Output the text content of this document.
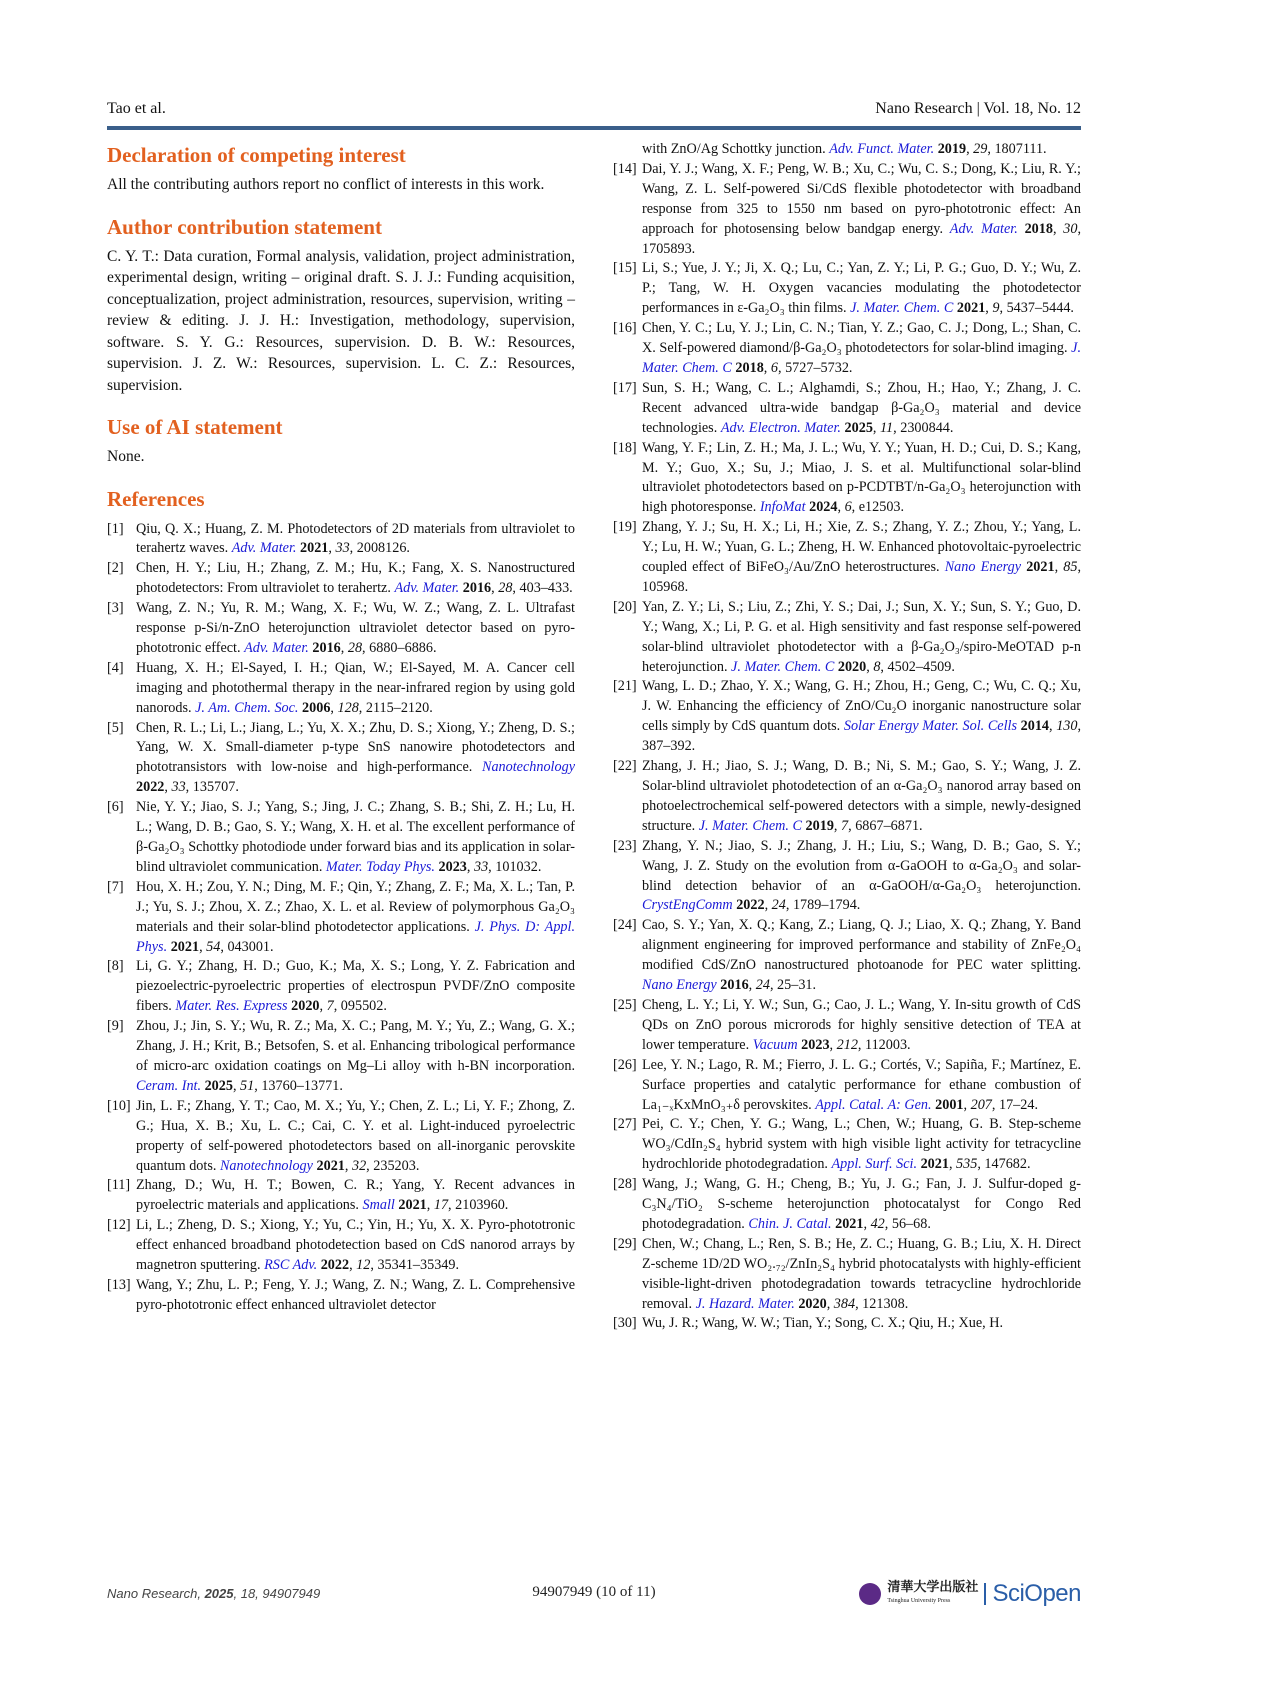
Tao et al.	Nano Research | Vol. 18, No. 12
Declaration of competing interest

All the contributing authors report no conflict of interests in this work.

Author contribution statement

C. Y. T.: Data curation, Formal analysis, validation, project administration, experimental design, writing – original draft. S. J. J.: Funding acquisition, conceptualization, project administration, resources, supervision, writing – review & editing. J. J. H.: Investigation, methodology, supervision, software. S. Y. G.: Resources, supervision. D. B. W.: Resources, supervision. J. Z. W.: Resources, supervision. L. C. Z.: Resources, supervision.

Use of AI statement

None.

References
[1] Qiu, Q. X.; Huang, Z. M. Photodetectors of 2D materials from ultraviolet to terahertz waves. Adv. Mater. 2021, 33, 2008126.
[2] Chen, H. Y.; Liu, H.; Zhang, Z. M.; Hu, K.; Fang, X. S. Nanostructured photodetectors: From ultraviolet to terahertz. Adv. Mater. 2016, 28, 403–433.
[3] Wang, Z. N.; Yu, R. M.; Wang, X. F.; Wu, W. Z.; Wang, Z. L. Ultrafast response p-Si/n-ZnO heterojunction ultraviolet detector based on pyro-phototronic effect. Adv. Mater. 2016, 28, 6880–6886.
[4] Huang, X. H.; El-Sayed, I. H.; Qian, W.; El-Sayed, M. A. Cancer cell imaging and photothermal therapy in the near-infrared region by using gold nanorods. J. Am. Chem. Soc. 2006, 128, 2115–2120.
[5] Chen, R. L.; Li, L.; Jiang, L.; Yu, X. X.; Zhu, D. S.; Xiong, Y.; Zheng, D. S.; Yang, W. X. Small-diameter p-type SnS nanowire photodetectors and phototransistors with low-noise and high-performance. Nanotechnology 2022, 33, 135707.
[6] Nie, Y. Y.; Jiao, S. J.; Yang, S.; Jing, J. C.; Zhang, S. B.; Shi, Z. H.; Lu, H. L.; Wang, D. B.; Gao, S. Y.; Wang, X. H. et al. The excellent performance of β-Ga₂O₃ Schottky photodiode under forward bias and its application in solar-blind ultraviolet communication. Mater. Today Phys. 2023, 33, 101032.
[7] Hou, X. H.; Zou, Y. N.; Ding, M. F.; Qin, Y.; Zhang, Z. F.; Ma, X. L.; Tan, P. J.; Yu, S. J.; Zhou, X. Z.; Zhao, X. L. et al. Review of polymorphous Ga₂O₃ materials and their solar-blind photodetector applications. J. Phys. D: Appl. Phys. 2021, 54, 043001.
[8] Li, G. Y.; Zhang, H. D.; Guo, K.; Ma, X. S.; Long, Y. Z. Fabrication and piezoelectric-pyroelectric properties of electrospun PVDF/ZnO composite fibers. Mater. Res. Express 2020, 7, 095502.
[9] Zhou, J.; Jin, S. Y.; Wu, R. Z.; Ma, X. C.; Pang, M. Y.; Yu, Z.; Wang, G. X.; Zhang, J. H.; Krit, B.; Betsofen, S. et al. Enhancing tribological performance of micro-arc oxidation coatings on Mg–Li alloy with h-BN incorporation. Ceram. Int. 2025, 51, 13760–13771.
[10] Jin, L. F.; Zhang, Y. T.; Cao, M. X.; Yu, Y.; Chen, Z. L.; Li, Y. F.; Zhong, Z. G.; Hua, X. B.; Xu, L. C.; Cai, C. Y. et al. Light-induced pyroelectric property of self-powered photodetectors based on all-inorganic perovskite quantum dots. Nanotechnology 2021, 32, 235203.
[11] Zhang, D.; Wu, H. T.; Bowen, C. R.; Yang, Y. Recent advances in pyroelectric materials and applications. Small 2021, 17, 2103960.
[12] Li, L.; Zheng, D. S.; Xiong, Y.; Yu, C.; Yin, H.; Yu, X. X. Pyro-phototronic effect enhanced broadband photodetection based on CdS nanorod arrays by magnetron sputtering. RSC Adv. 2022, 12, 35341–35349.
[13] Wang, Y.; Zhu, L. P.; Feng, Y. J.; Wang, Z. N.; Wang, Z. L. Comprehensive pyro-phototronic effect enhanced ultraviolet detector
with ZnO/Ag Schottky junction. Adv. Funct. Mater. 2019, 29, 1807111.
[14] Dai, Y. J.; Wang, X. F.; Peng, W. B.; Xu, C.; Wu, C. S.; Dong, K.; Liu, R. Y.; Wang, Z. L. Self-powered Si/CdS flexible photodetector with broadband response from 325 to 1550 nm based on pyro-phototronic effect: An approach for photosensing below bandgap energy. Adv. Mater. 2018, 30, 1705893.
[15] Li, S.; Yue, J. Y.; Ji, X. Q.; Lu, C.; Yan, Z. Y.; Li, P. G.; Guo, D. Y.; Wu, Z. P.; Tang, W. H. Oxygen vacancies modulating the photodetector performances in ε-Ga₂O₃ thin films. J. Mater. Chem. C 2021, 9, 5437–5444.
[16] Chen, Y. C.; Lu, Y. J.; Lin, C. N.; Tian, Y. Z.; Gao, C. J.; Dong, L.; Shan, C. X. Self-powered diamond/β-Ga₂O₃ photodetectors for solar-blind imaging. J. Mater. Chem. C 2018, 6, 5727–5732.
[17] Sun, S. H.; Wang, C. L.; Alghamdi, S.; Zhou, H.; Hao, Y.; Zhang, J. C. Recent advanced ultra-wide bandgap β-Ga₂O₃ material and device technologies. Adv. Electron. Mater. 2025, 11, 2300844.
[18] Wang, Y. F.; Lin, Z. H.; Ma, J. L.; Wu, Y. Y.; Yuan, H. D.; Cui, D. S.; Kang, M. Y.; Guo, X.; Su, J.; Miao, J. S. et al. Multifunctional solar-blind ultraviolet photodetectors based on p-PCDTBT/n-Ga₂O₃ heterojunction with high photoresponse. InfoMat 2024, 6, e12503.
[19] Zhang, Y. J.; Su, H. X.; Li, H.; Xie, Z. S.; Zhang, Y. Z.; Zhou, Y.; Yang, L. Y.; Lu, H. W.; Yuan, G. L.; Zheng, H. W. Enhanced photovoltaic-pyroelectric coupled effect of BiFeO₃/Au/ZnO heterostructures. Nano Energy 2021, 85, 105968.
[20] Yan, Z. Y.; Li, S.; Liu, Z.; Zhi, Y. S.; Dai, J.; Sun, X. Y.; Sun, S. Y.; Guo, D. Y.; Wang, X.; Li, P. G. et al. High sensitivity and fast response self-powered solar-blind ultraviolet photodetector with a β-Ga₂O₃/spiro-MeOTAD p-n heterojunction. J. Mater. Chem. C 2020, 8, 4502–4509.
[21] Wang, L. D.; Zhao, Y. X.; Wang, G. H.; Zhou, H.; Geng, C.; Wu, C. Q.; Xu, J. W. Enhancing the efficiency of ZnO/Cu₂O inorganic nanostructure solar cells simply by CdS quantum dots. Solar Energy Mater. Sol. Cells 2014, 130, 387–392.
[22] Zhang, J. H.; Jiao, S. J.; Wang, D. B.; Ni, S. M.; Gao, S. Y.; Wang, J. Z. Solar-blind ultraviolet photodetection of an α-Ga₂O₃ nanorod array based on photoelectrochemical self-powered detectors with a simple, newly-designed structure. J. Mater. Chem. C 2019, 7, 6867–6871.
[23] Zhang, Y. N.; Jiao, S. J.; Zhang, J. H.; Liu, S.; Wang, D. B.; Gao, S. Y.; Wang, J. Z. Study on the evolution from α-GaOOH to α-Ga₂O₃ and solar-blind detection behavior of an α-GaOOH/α-Ga₂O₃ heterojunction. CrystEngComm 2022, 24, 1789–1794.
[24] Cao, S. Y.; Yan, X. Q.; Kang, Z.; Liang, Q. J.; Liao, X. Q.; Zhang, Y. Band alignment engineering for improved performance and stability of ZnFe₂O₄ modified CdS/ZnO nanostructured photoanode for PEC water splitting. Nano Energy 2016, 24, 25–31.
[25] Cheng, L. Y.; Li, Y. W.; Sun, G.; Cao, J. L.; Wang, Y. In-situ growth of CdS QDs on ZnO porous microrods for highly sensitive detection of TEA at lower temperature. Vacuum 2023, 212, 112003.
[26] Lee, Y. N.; Lago, R. M.; Fierro, J. L. G.; Cortés, V.; Sapiña, F.; Martínez, E. Surface properties and catalytic performance for ethane combustion of La₁₋ₓKxMnO₃₊δ perovskites. Appl. Catal. A: Gen. 2001, 207, 17–24.
[27] Pei, C. Y.; Chen, Y. G.; Wang, L.; Chen, W.; Huang, G. B. Step-scheme WO₃/CdIn₂S₄ hybrid system with high visible light activity for tetracycline hydrochloride photodegradation. Appl. Surf. Sci. 2021, 535, 147682.
[28] Wang, J.; Wang, G. H.; Cheng, B.; Yu, J. G.; Fan, J. J. Sulfur-doped g-C₃N₄/TiO₂ S-scheme heterojunction photocatalyst for Congo Red photodegradation. Chin. J. Catal. 2021, 42, 56–68.
[29] Chen, W.; Chang, L.; Ren, S. B.; He, Z. C.; Huang, G. B.; Liu, X. H. Direct Z-scheme 1D/2D WO₂.₇₂/ZnIn₂S₄ hybrid photocatalysts with highly-efficient visible-light-driven photodegradation towards tetracycline hydrochloride removal. J. Hazard. Mater. 2020, 384, 121308.
[30] Wu, J. R.; Wang, W. W.; Tian, Y.; Song, C. X.; Qiu, H.; Xue, H.
Nano Research, 2025, 18, 94907949	94907949 (10 of 11)	清華大学出版社
Tsinghua University Press	SciOpen
